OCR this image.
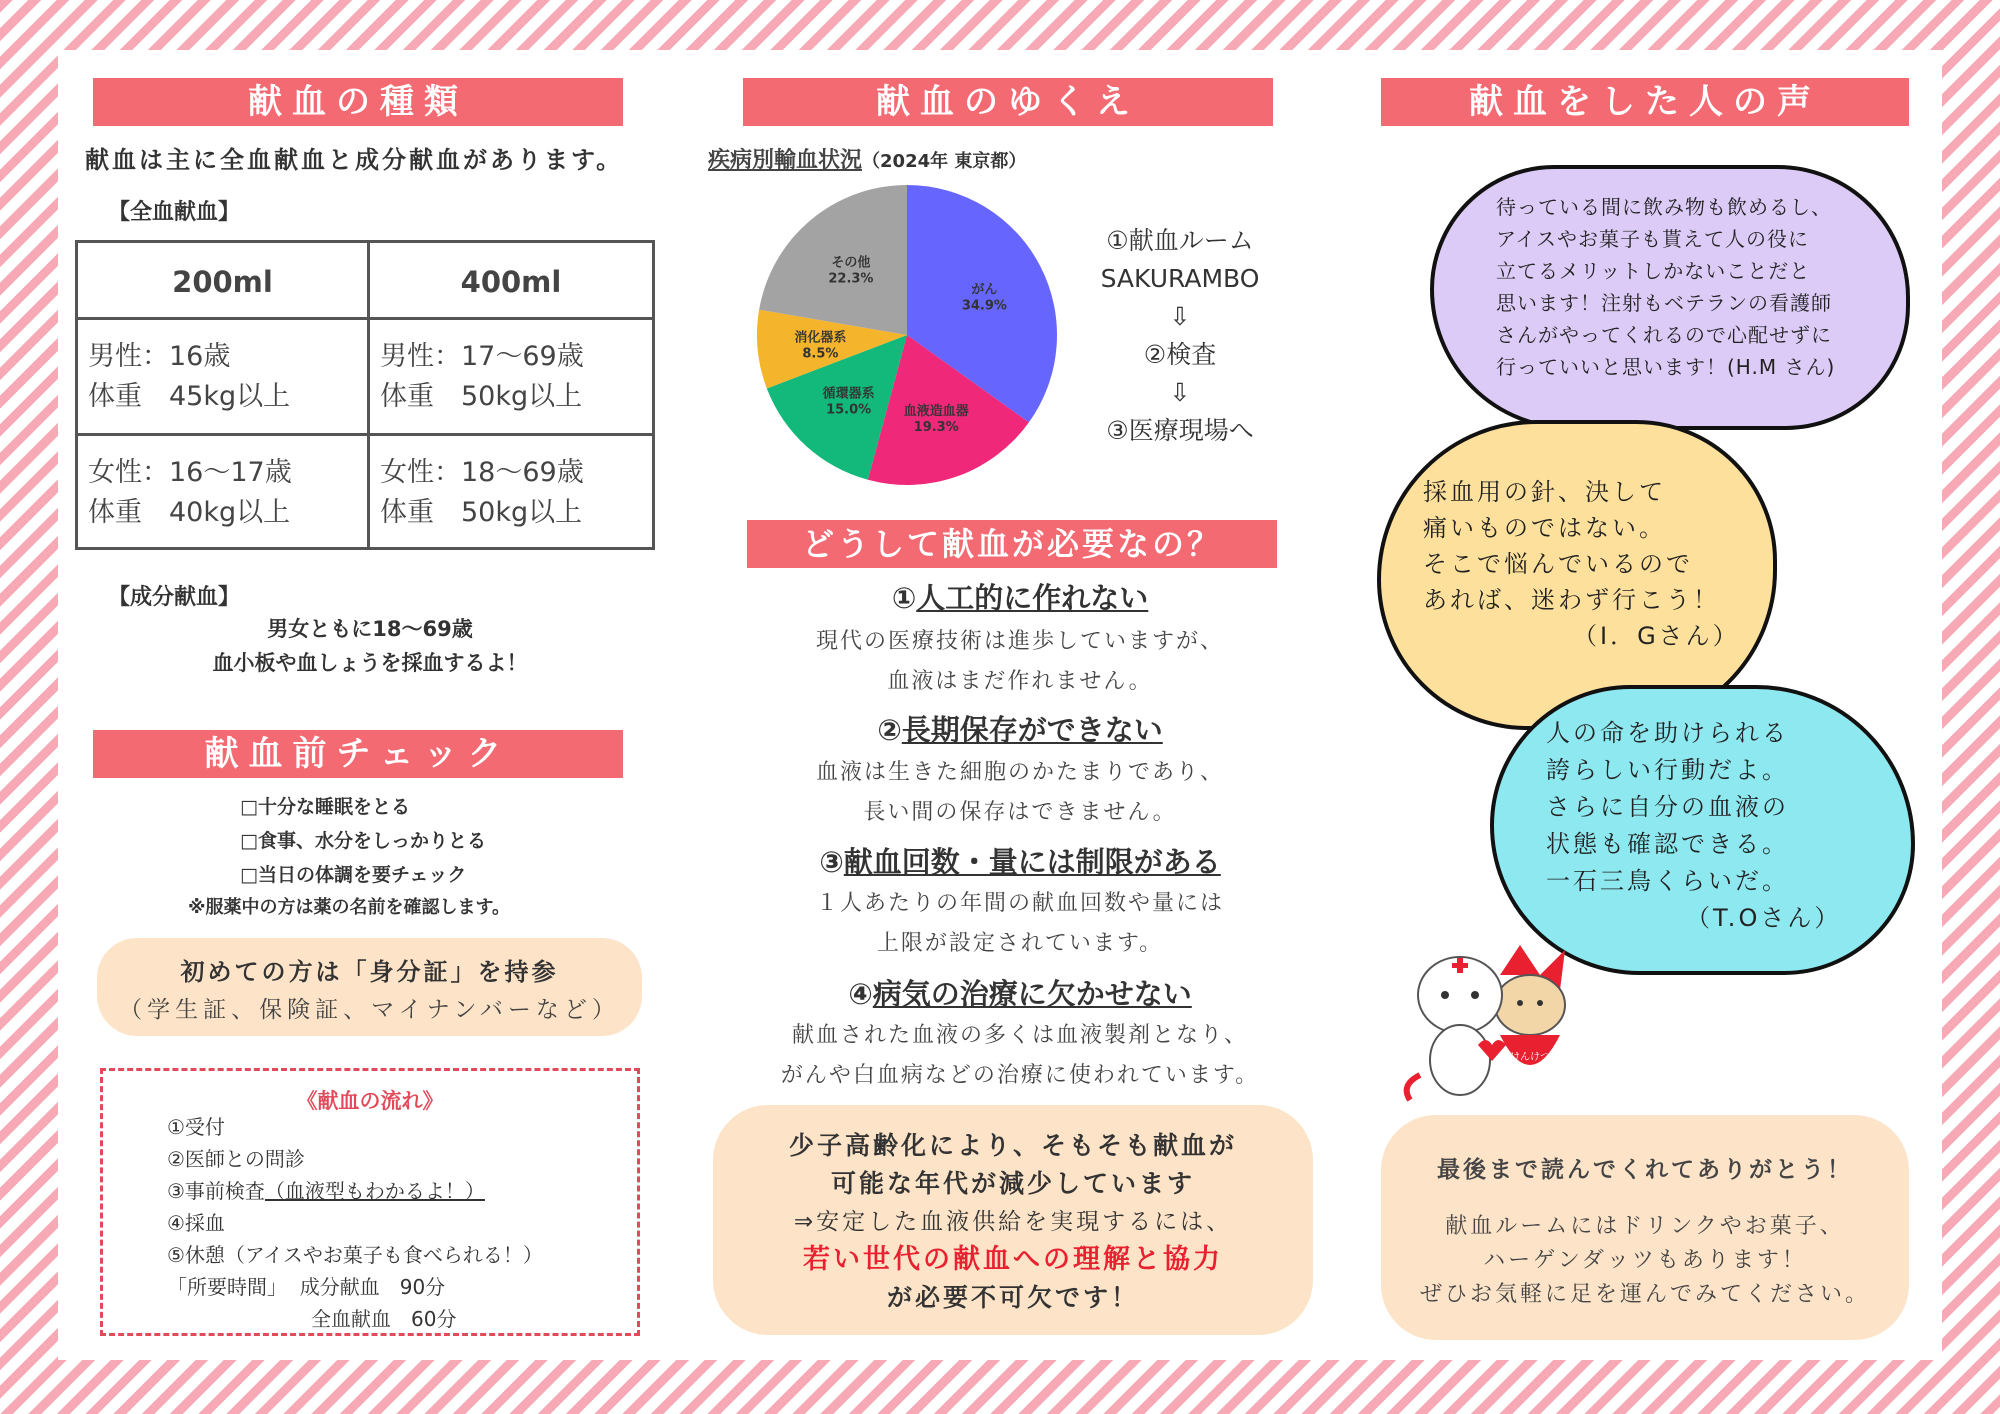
献血の種類
献血は主に全血献血と成分献血があります。
【全血献血】
200ml	400ml
男性：16歳
体重　45kg以上
男性：17～69歳
体重　50kg以上
女性：16～17歳
体重　40kg以上
女性：18～69歳
体重　50kg以上
【成分献血】
男女ともに18～69歳
血小板や血しょうを採血するよ！
献血前チェック
□十分な睡眠をとる
□食事、水分をしっかりとる
□当日の体調を要チェック
※服薬中の方は薬の名前を確認します。
初めての方は「身分証」を持参
（学生証、保険証、マイナンバーなど）
《献血の流れ》
①受付
②医師との問診
③事前検査（血液型もわかるよ！）
④採血
⑤休憩（アイスやお菓子も食べられる！）
「所要時間」 成分献血　90分
全血献血　60分
献血のゆくえ
疾病別輸血状況（2024年 東京都）
がん
34.9%
血液造血器
19.3%
循環器系
15.0%
消化器系
8.5%
その他
22.3%
①献血ルーム
SAKURAMBO
⇩
②検査
⇩
③医療現場へ
どうして献血が必要なの？
①人工的に作れない
現代の医療技術は進歩していますが、
血液はまだ作れません。
②長期保存ができない
血液は生きた細胞のかたまりであり、
長い間の保存はできません。
③献血回数・量には制限がある
１人あたりの年間の献血回数や量には
上限が設定されています。
④病気の治療に欠かせない
献血された血液の多くは血液製剤となり、
がんや白血病などの治療に使われています。
少子高齢化により、そもそも献血が
可能な年代が減少しています
⇒安定した血液供給を実現するには、
若い世代の献血への理解と協力
が必要不可欠です！
献血をした人の声
待っている間に飲み物も飲めるし、
アイスやお菓子も貰えて人の役に
立てるメリットしかないことだと
思います！注射もベテランの看護師
さんがやってくれるので心配せずに
行っていいと思います！(H.M さん)
採血用の針、決して
痛いものではない。
そこで悩んでいるので
あれば、迷わず行こう！
（I．Gさん）
人の命を助けられる
誇らしい行動だよ。
さらに自分の血液の
状態も確認できる。
一石三鳥くらいだ。
（T.Oさん）
けんけつ
最後まで読んでくれてありがとう！
献血ルームにはドリンクやお菓子、
ハーゲンダッツもあります！
ぜひお気軽に足を運んでみてください。
